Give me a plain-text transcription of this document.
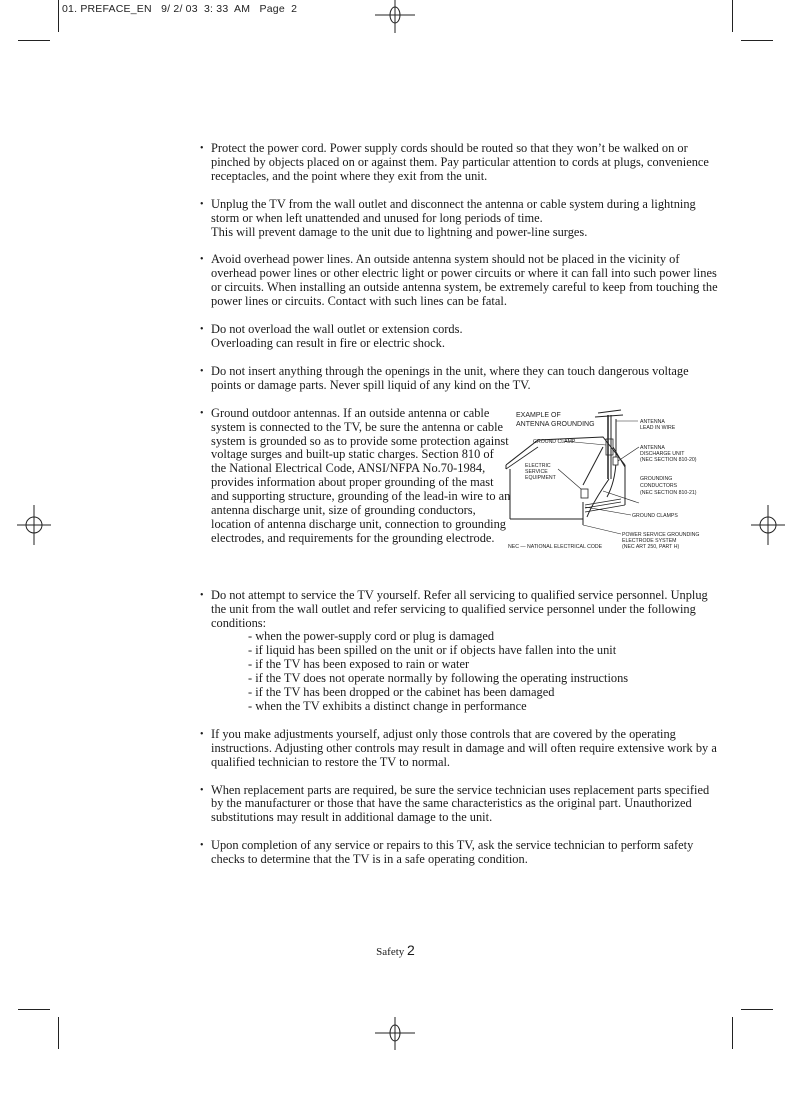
01. PREFACE_EN 9/ 2/ 03 3: 33  AM Page  2
• Protect the power cord. Power supply cords should be routed so that they won’t be walked on or pinched by objects placed on or against them. Pay particular attention to cords at plugs, convenience receptacles, and the point where they exit from the unit.
• Unplug the TV from the wall outlet and disconnect the antenna or cable system during a lightning storm or when left unattended and unused for long periods of time.
This will prevent damage to the unit due to lightning and power-line surges.
• Avoid overhead power lines. An outside antenna system should not be placed in the vicinity of overhead power lines or other electric light or power circuits or where it can fall into such power lines or circuits. When installing an outside antenna system, be extremely careful to keep from touching the power lines or circuits. Contact with such lines can be fatal.
• Do not overload the wall outlet or extension cords.
Overloading can result in fire or electric shock.
• Do not insert anything through the openings in the unit, where they can touch dangerous voltage points or damage parts. Never spill liquid of any kind on the TV.
• Ground outdoor antennas. If an outside antenna or cable system is connected to the TV, be sure the antenna or cable system is grounded so as to provide some protection against voltage surges and built-up static charges. Section 810 of the National Electrical Code, ANSI/NFPA No.70-1984, provides information about proper grounding of the mast and supporting structure, grounding of the lead-in wire to an antenna discharge unit, size of grounding conductors, location of antenna discharge unit, connection to grounding electrodes, and requirements for the grounding electrode.
EXAMPLE OF
ANTENNA GROUNDING	ANTENNA
LEAD IN WIRE
GROUND CLAMP
ANTENNA
DISCHARGE UNIT
(NEC SECTION 810-20)
ELECTRIC
SERVICE
EQUIPMENT	GROUNDING
CONDUCTORS
(NEC SECTION 810-21)
GROUND CLAMPS
POWER SERVICE GROUNDING
ELECTRODE SYSTEM
(NEC ART 250, PART H)
NEC — NATIONAL ELECTRICAL CODE
• Do not attempt to service the TV yourself. Refer all servicing to qualified service personnel. Unplug the unit from the wall outlet and refer servicing to qualified service personnel under the following conditions:
- when the power-supply cord or plug is damaged
- if liquid has been spilled on the unit or if objects have fallen into the unit
- if the TV has been exposed to rain or water
- if the TV does not operate normally by following the operating instructions
- if the TV has been dropped or the cabinet has been damaged
- when the TV exhibits a distinct change in performance
• If you make adjustments yourself, adjust only those controls that are covered by the operating instructions. Adjusting other controls may result in damage and will often require extensive work by a qualified technician to restore the TV to normal.
• When replacement parts are required, be sure the service technician uses replacement parts specified by the manufacturer or those that have the same characteristics as the original part. Unauthorized substitutions may result in additional damage to the unit.
• Upon completion of any service or repairs to this TV, ask the service technician to perform safety checks to determine that the TV is in a safe operating condition.
Safety 2
